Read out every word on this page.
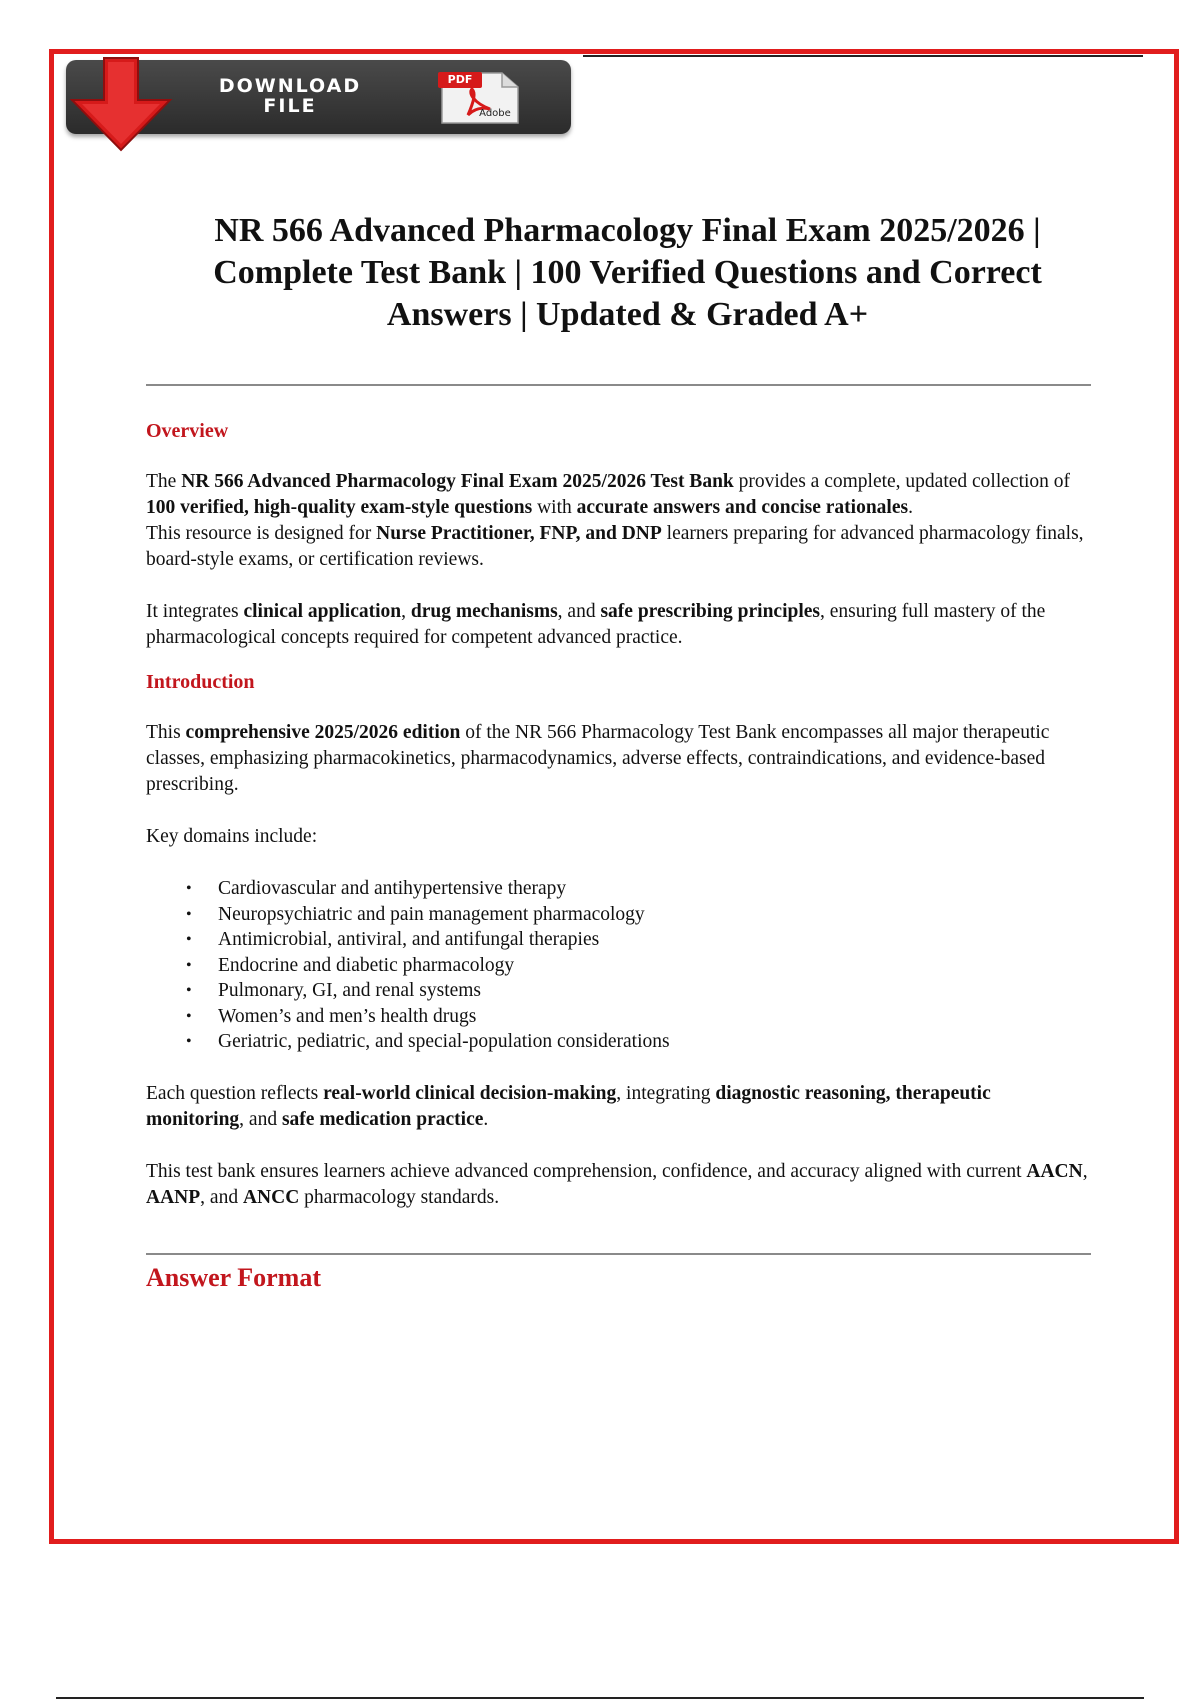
DOWNLOAD
FILE
PDF
Adobe
NR 566 Advanced Pharmacology Final Exam 2025/2026 | Complete Test Bank | 100 Verified Questions and Correct Answers | Updated & Graded A+
Overview

The NR 566 Advanced Pharmacology Final Exam 2025/2026 Test Bank provides a complete, updated collection of 100 verified, high-quality exam-style questions with accurate answers and concise rationales.

This resource is designed for Nurse Practitioner, FNP, and DNP learners preparing for advanced pharmacology finals, board-style exams, or certification reviews.

It integrates clinical application, drug mechanisms, and safe prescribing principles, ensuring full mastery of the pharmacological concepts required for competent advanced practice.

Introduction

This comprehensive 2025/2026 edition of the NR 566 Pharmacology Test Bank encompasses all major therapeutic classes, emphasizing pharmacokinetics, pharmacodynamics, adverse effects, contraindications, and evidence-based prescribing.

Key domains include:

• Cardiovascular and antihypertensive therapy
• Neuropsychiatric and pain management pharmacology
• Antimicrobial, antiviral, and antifungal therapies
• Endocrine and diabetic pharmacology
• Pulmonary, GI, and renal systems
• Women’s and men’s health drugs
• Geriatric, pediatric, and special-population considerations

Each question reflects real-world clinical decision-making, integrating diagnostic reasoning, therapeutic monitoring, and safe medication practice.

This test bank ensures learners achieve advanced comprehension, confidence, and accuracy aligned with current AACN, AANP, and ANCC pharmacology standards.

Answer Format
